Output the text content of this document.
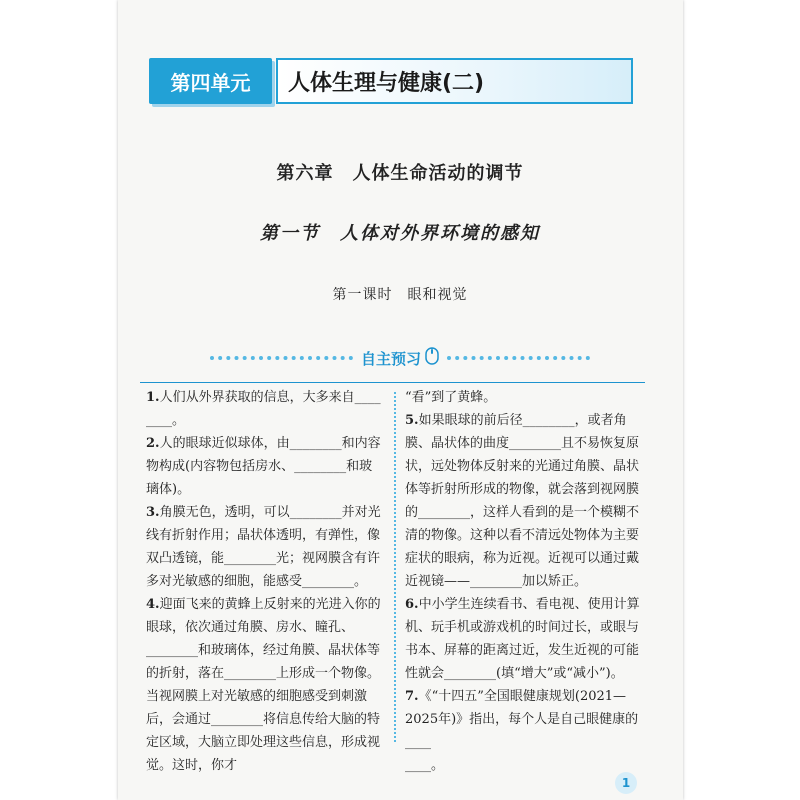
第四单元	人体生理与健康(二)
第六章　人体生命活动的调节
第一节　人体对外界环境的感知
第一课时　眼和视觉
自主预习

1.人们从外界获取的信息，大多来自____
____。

2.人的眼球近似球体，由________和内容物构成(内容物包括房水、________和玻璃体)。

3.角膜无色，透明，可以________并对光线有折射作用；晶状体透明，有弹性，像双凸透镜，能________光；视网膜含有许多对光敏感的细胞，能感受________。

4.迎面飞来的黄蜂上反射来的光进入你的眼球，依次通过角膜、房水、瞳孔、________和玻璃体，经过角膜、晶状体等的折射，落在________上形成一个物像。当视网膜上对光敏感的细胞感受到刺激后，会通过________将信息传给大脑的特定区域，大脑立即处理这些信息，形成视觉。这时，你才

“看”到了黄蜂。

5.如果眼球的前后径________，或者角膜、晶状体的曲度________且不易恢复原状，远处物体反射来的光通过角膜、晶状体等折射所形成的物像，就会落到视网膜的________，这样人看到的是一个模糊不清的物像。这种以看不清远处物体为主要症状的眼病，称为近视。近视可以通过戴近视镜——________加以矫正。

6.中小学生连续看书、看电视、使用计算机、玩手机或游戏机的时间过长，或眼与书本、屏幕的距离过近，发生近视的可能性就会________(填“增大”或“减小”)。

7.《“十四五”全国眼健康规划(2021—2025年)》指出，每个人是自己眼健康的____
____。

1
